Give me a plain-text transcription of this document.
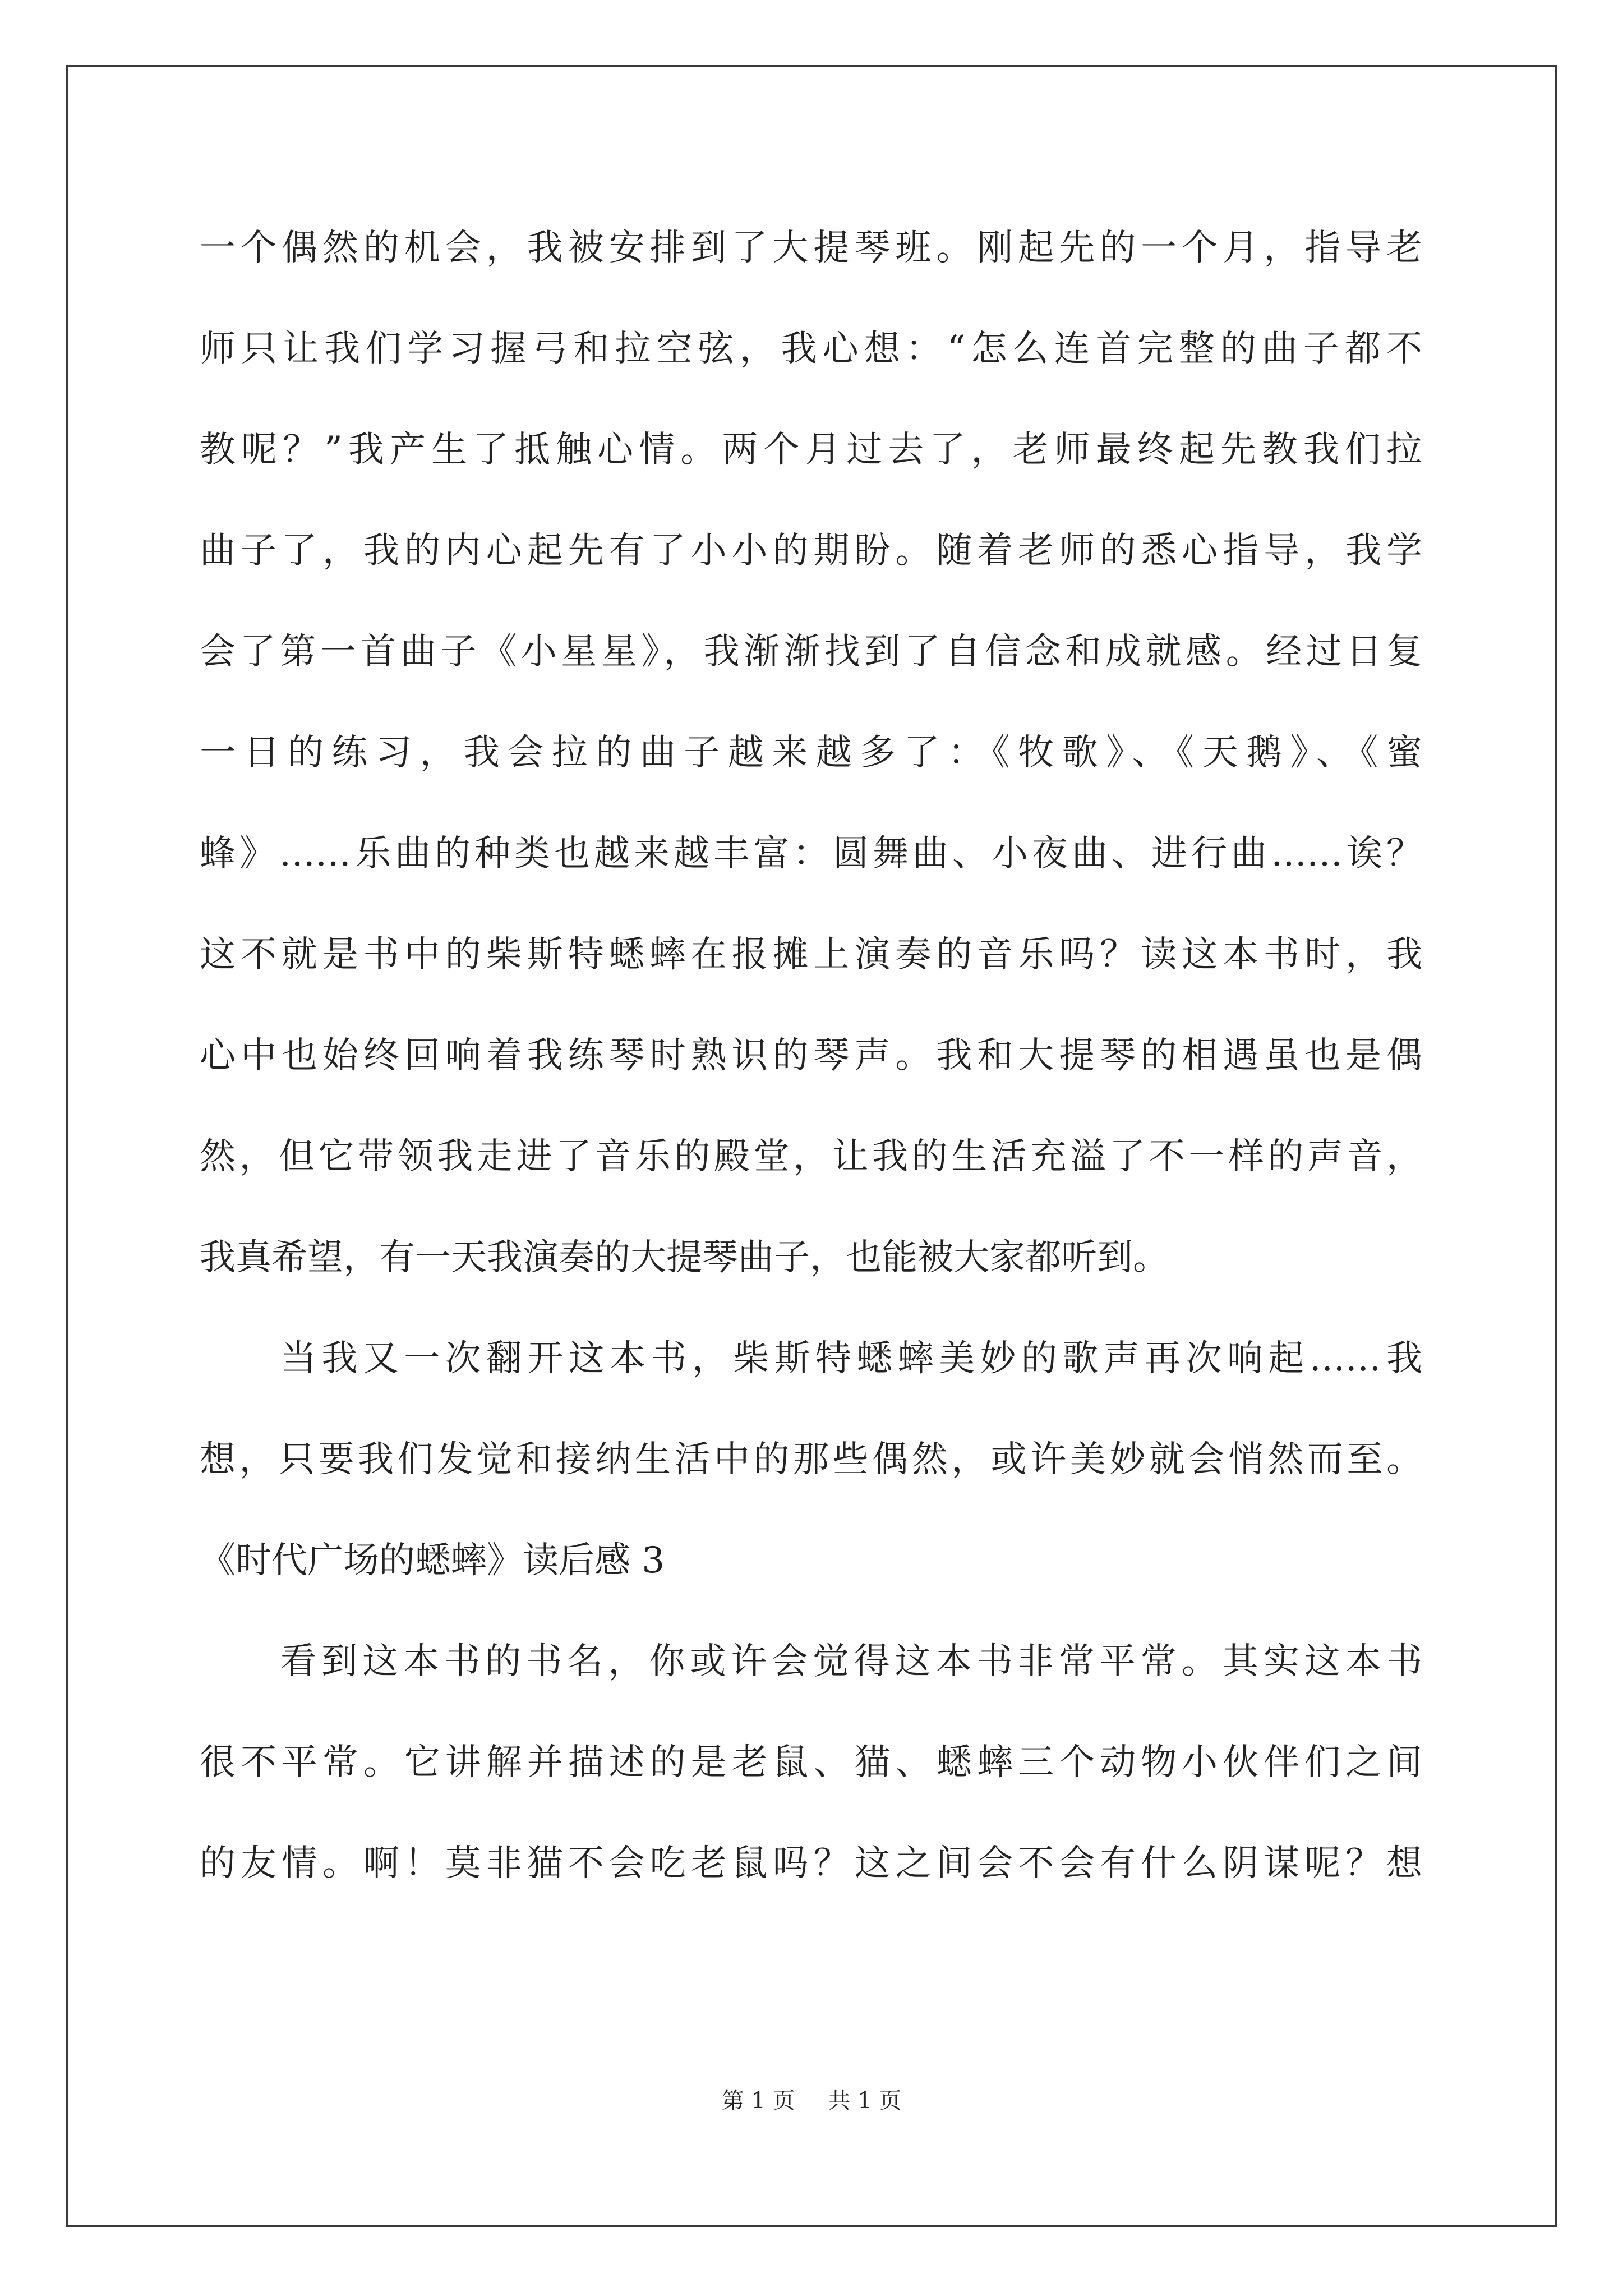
一个偶然的机会，我被安排到了大提琴班。刚起先的一个月，指导老

师只让我们学习握弓和拉空弦，我心想：“怎么连首完整的曲子都不

教呢？”我产生了抵触心情。两个月过去了，老师最终起先教我们拉

曲子了，我的内心起先有了小小的期盼。随着老师的悉心指导，我学

会了第一首曲子《小星星》，我渐渐找到了自信念和成就感。经过日复

一日的练习，我会拉的曲子越来越多了：《牧歌》、《天鹅》、《蜜

蜂》……乐曲的种类也越来越丰富：圆舞曲、小夜曲、进行曲……诶？

这不就是书中的柴斯特蟋蟀在报摊上演奏的音乐吗？读这本书时，我

心中也始终回响着我练琴时熟识的琴声。我和大提琴的相遇虽也是偶

然，但它带领我走进了音乐的殿堂，让我的生活充溢了不一样的声音，

我真希望，有一天我演奏的大提琴曲子，也能被大家都听到。

当我又一次翻开这本书，柴斯特蟋蟀美妙的歌声再次响起……我

想，只要我们发觉和接纳生活中的那些偶然，或许美妙就会悄然而至。

《时代广场的蟋蟀》读后感 3

看到这本书的书名，你或许会觉得这本书非常平常。其实这本书

很不平常。它讲解并描述的是老鼠、猫、蟋蟀三个动物小伙伴们之间

的友情。啊！莫非猫不会吃老鼠吗？这之间会不会有什么阴谋呢？想

第 1 页 共 1 页
